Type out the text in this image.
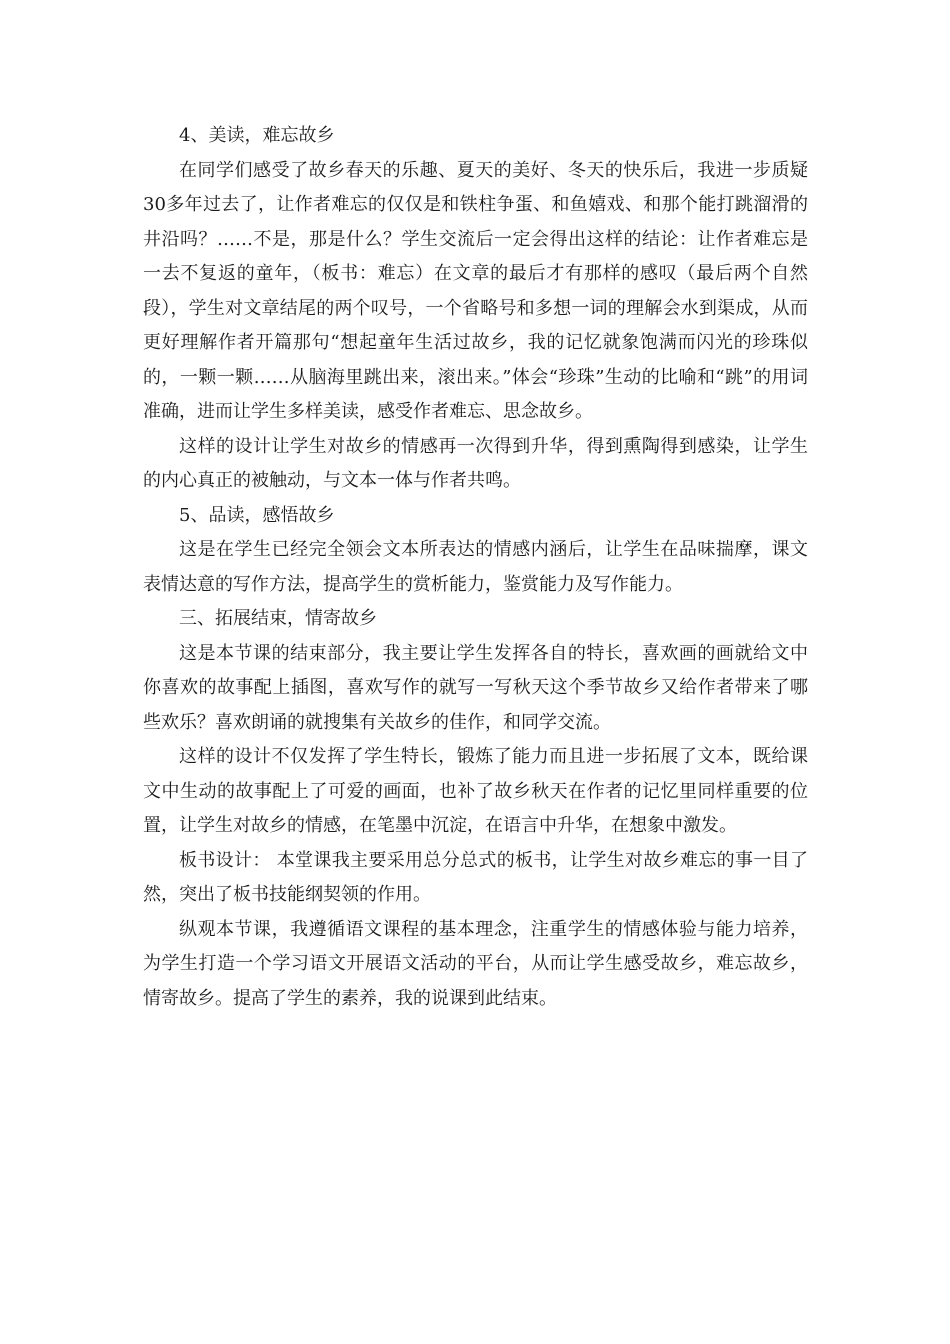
4、美读，难忘故乡

在同学们感受了故乡春天的乐趣、夏天的美好、冬天的快乐后，我进一步质疑30多年过去了，让作者难忘的仅仅是和铁柱争蛋、和鱼嬉戏、和那个能打跳溜滑的井沿吗？……不是，那是什么？学生交流后一定会得出这样的结论：让作者难忘是一去不复返的童年，（板书：难忘）在文章的最后才有那样的感叹（最后两个自然段），学生对文章结尾的两个叹号，一个省略号和多想一词的理解会水到渠成，从而更好理解作者开篇那句“想起童年生活过故乡，我的记忆就象饱满而闪光的珍珠似的，一颗一颗……从脑海里跳出来，滚出来。”体会“珍珠”生动的比喻和“跳”的用词准确，进而让学生多样美读，感受作者难忘、思念故乡。

这样的设计让学生对故乡的情感再一次得到升华，得到熏陶得到感染，让学生的内心真正的被触动，与文本一体与作者共鸣。

5、品读，感悟故乡

这是在学生已经完全领会文本所表达的情感内涵后，让学生在品味揣摩，课文表情达意的写作方法，提高学生的赏析能力，鉴赏能力及写作能力。

三、拓展结束，情寄故乡

这是本节课的结束部分，我主要让学生发挥各自的特长，喜欢画的画就给文中你喜欢的故事配上插图，喜欢写作的就写一写秋天这个季节故乡又给作者带来了哪些欢乐？喜欢朗诵的就搜集有关故乡的佳作，和同学交流。

这样的设计不仅发挥了学生特长，锻炼了能力而且进一步拓展了文本，既给课文中生动的故事配上了可爱的画面，也补了故乡秋天在作者的记忆里同样重要的位置，让学生对故乡的情感，在笔墨中沉淀，在语言中升华，在想象中激发。

板书设计： 本堂课我主要采用总分总式的板书，让学生对故乡难忘的事一目了然，突出了板书技能纲契领的作用。

纵观本节课，我遵循语文课程的基本理念，注重学生的情感体验与能力培养，为学生打造一个学习语文开展语文活动的平台，从而让学生感受故乡，难忘故乡，情寄故乡。提高了学生的素养，我的说课到此结束。
